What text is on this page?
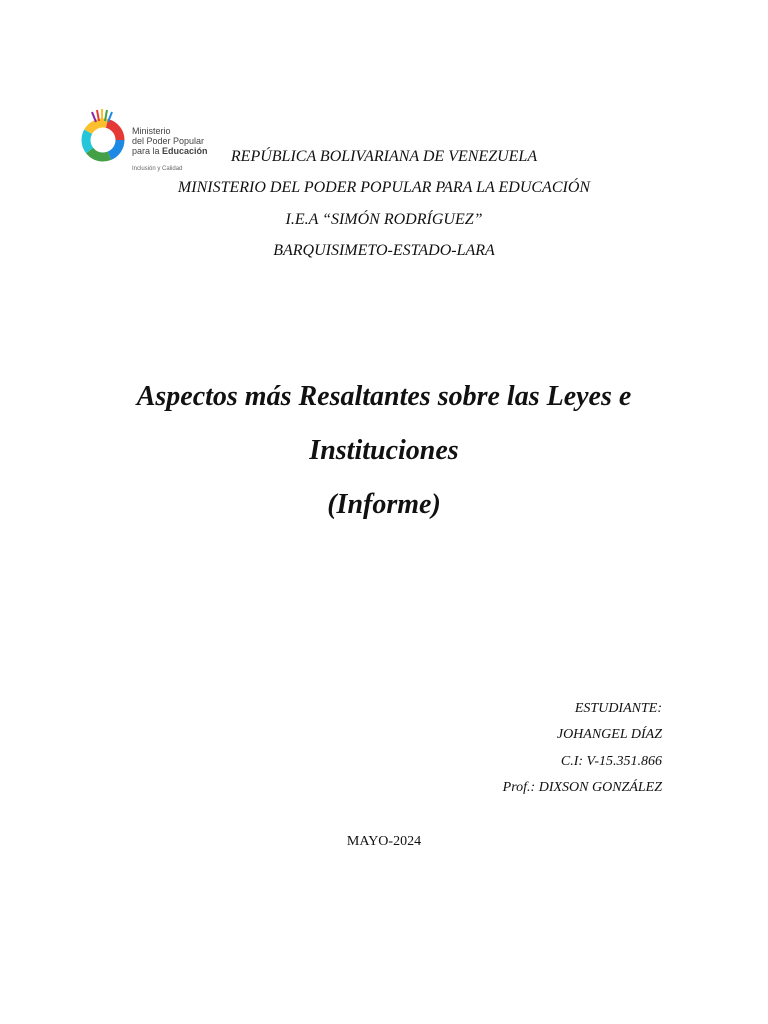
Ministerio
del Poder Popular
para la Educación
Inclusión y Calidad
REPÚBLICA BOLIVARIANA DE VENEZUELA
MINISTERIO DEL PODER POPULAR PARA LA EDUCACIÓN
I.E.A “SIMÓN RODRÍGUEZ”
BARQUISIMETO-ESTADO-LARA
Aspectos más Resaltantes sobre las Leyes e
Instituciones
(Informe)
ESTUDIANTE:
JOHANGEL DÍAZ
C.I: V-15.351.866
Prof.: DIXSON GONZÁLEZ
MAYO-2024
